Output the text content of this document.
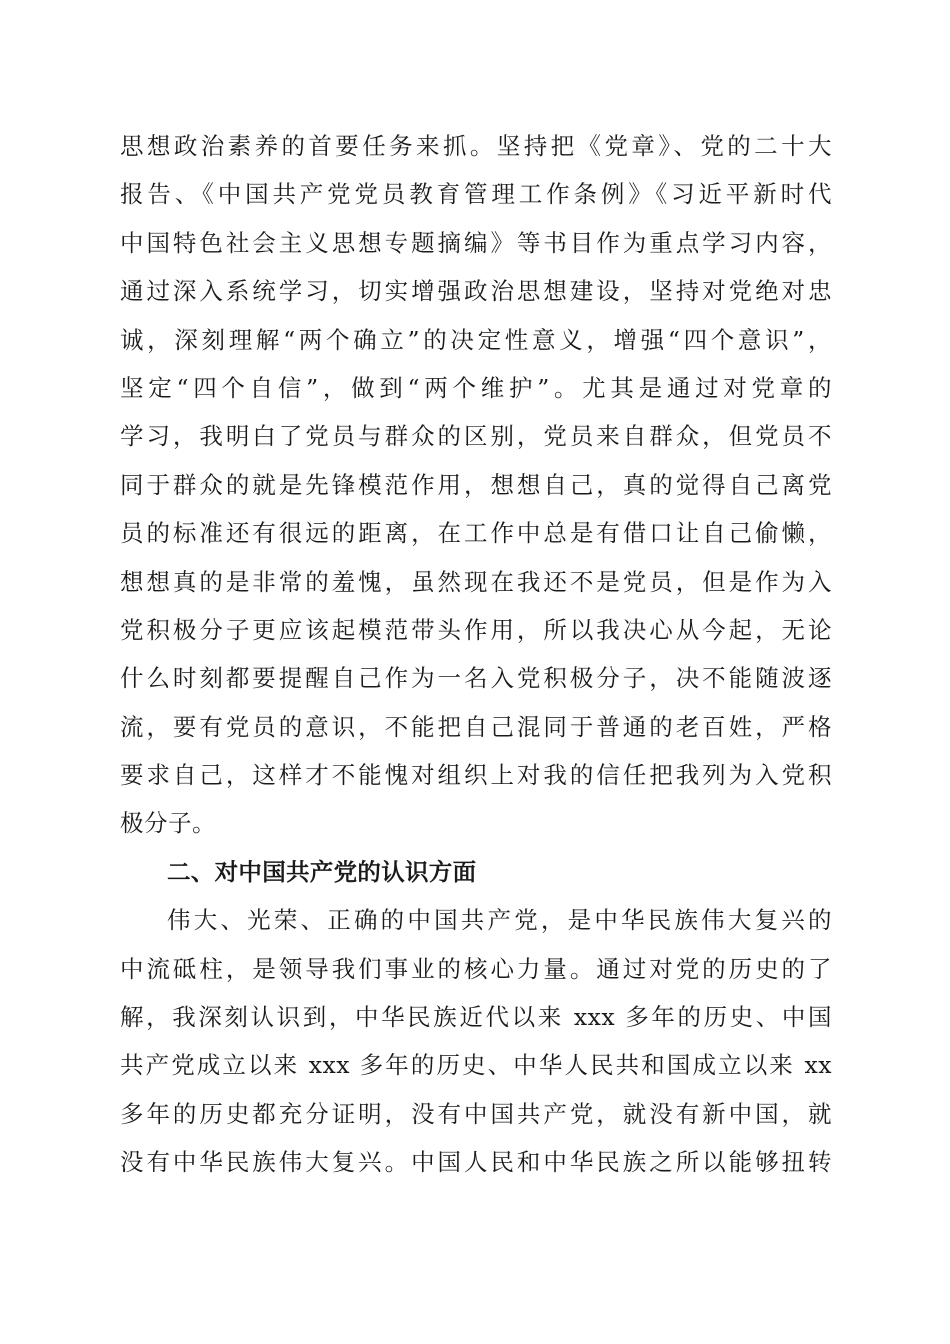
思想政治素养的首要任务来抓。坚持把《党章》、党的二十大
报告、《中国共产党党员教育管理工作条例》《习近平新时代
中国特色社会主义思想专题摘编》等书目作为重点学习内容，
通过深入系统学习，切实增强政治思想建设，坚持对党绝对忠
诚，深刻理解“两个确立”的决定性意义，增强“四个意识”，
坚定“四个自信”，做到“两个维护”。尤其是通过对党章的
学习，我明白了党员与群众的区别，党员来自群众，但党员不
同于群众的就是先锋模范作用，想想自己，真的觉得自己离党
员的标准还有很远的距离，在工作中总是有借口让自己偷懒，
想想真的是非常的羞愧，虽然现在我还不是党员，但是作为入
党积极分子更应该起模范带头作用，所以我决心从今起，无论
什么时刻都要提醒自己作为一名入党积极分子，决不能随波逐
流，要有党员的意识，不能把自己混同于普通的老百姓，严格
要求自己，这样才不能愧对组织上对我的信任把我列为入党积
极分子。
二、对中国共产党的认识方面
伟大、光荣、正确的中国共产党，是中华民族伟大复兴的
中流砥柱，是领导我们事业的核心力量。通过对党的历史的了
解，我深刻认识到，中华民族近代以来 xxx 多年的历史、中国
共产党成立以来 xxx 多年的历史、中华人民共和国成立以来 xx
多年的历史都充分证明，没有中国共产党，就没有新中国，就
没有中华民族伟大复兴。中国人民和中华民族之所以能够扭转
